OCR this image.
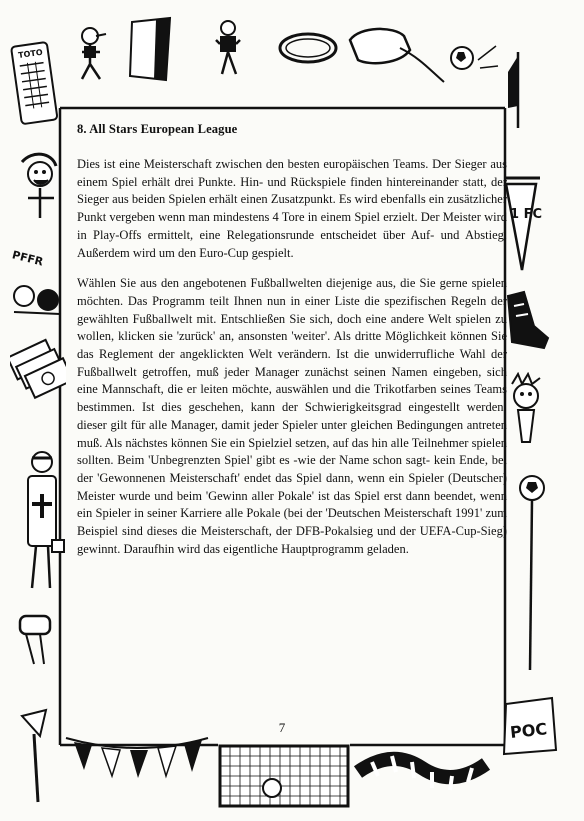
TOTO
PFFR
1 FC
POC
8. All Stars European League

Dies ist eine Meisterschaft zwischen den besten europäischen Teams. Der Sieger aus einem Spiel erhält drei Punkte. Hin- und Rückspiele finden hintereinander statt, der Sieger aus beiden Spielen erhält einen Zusatzpunkt. Es wird ebenfalls ein zusätzlicher Punkt vergeben wenn man mindestens 4 Tore in einem Spiel erzielt. Der Meister wird in Play-Offs ermittelt, eine Relegationsrunde entscheidet über Auf- und Abstieg. Außerdem wird um den Euro-Cup gespielt.

Wählen Sie aus den angebotenen Fußballwelten diejenige aus, die Sie gerne spielen möchten. Das Programm teilt Ihnen nun in einer Liste die spezifischen Regeln der gewählten Fußballwelt mit. Entschließen Sie sich, doch eine andere Welt spielen zu wollen, klicken sie 'zurück' an, ansonsten 'weiter'. Als dritte Möglichkeit können Sie das Reglement der angeklickten Welt verändern. Ist die unwiderrufliche Wahl der Fußballwelt getroffen, muß jeder Manager zunächst seinen Namen eingeben, sich eine Mannschaft, die er leiten möchte, auswählen und die Trikotfarben seines Teams bestimmen. Ist dies geschehen, kann der Schwierigkeitsgrad eingestellt werden; dieser gilt für alle Manager, damit jeder Spieler unter gleichen Bedingungen antreten muß. Als nächstes können Sie ein Spielziel setzen, auf das hin alle Teilnehmer spielen sollten. Beim 'Unbegrenzten Spiel' gibt es -wie der Name schon sagt- kein Ende, bei der 'Gewonnenen Meisterschaft' endet das Spiel dann, wenn ein Spieler (Deutscher) Meister wurde und beim 'Gewinn aller Pokale' ist das Spiel erst dann beendet, wenn ein Spieler in seiner Karriere alle Pokale (bei der 'Deutschen Meisterschaft 1991' zum Beispiel sind dieses die Meisterschaft, der DFB-Pokalsieg und der UEFA-Cup-Sieg) gewinnt. Daraufhin wird das eigentliche Hauptprogramm geladen.

7
